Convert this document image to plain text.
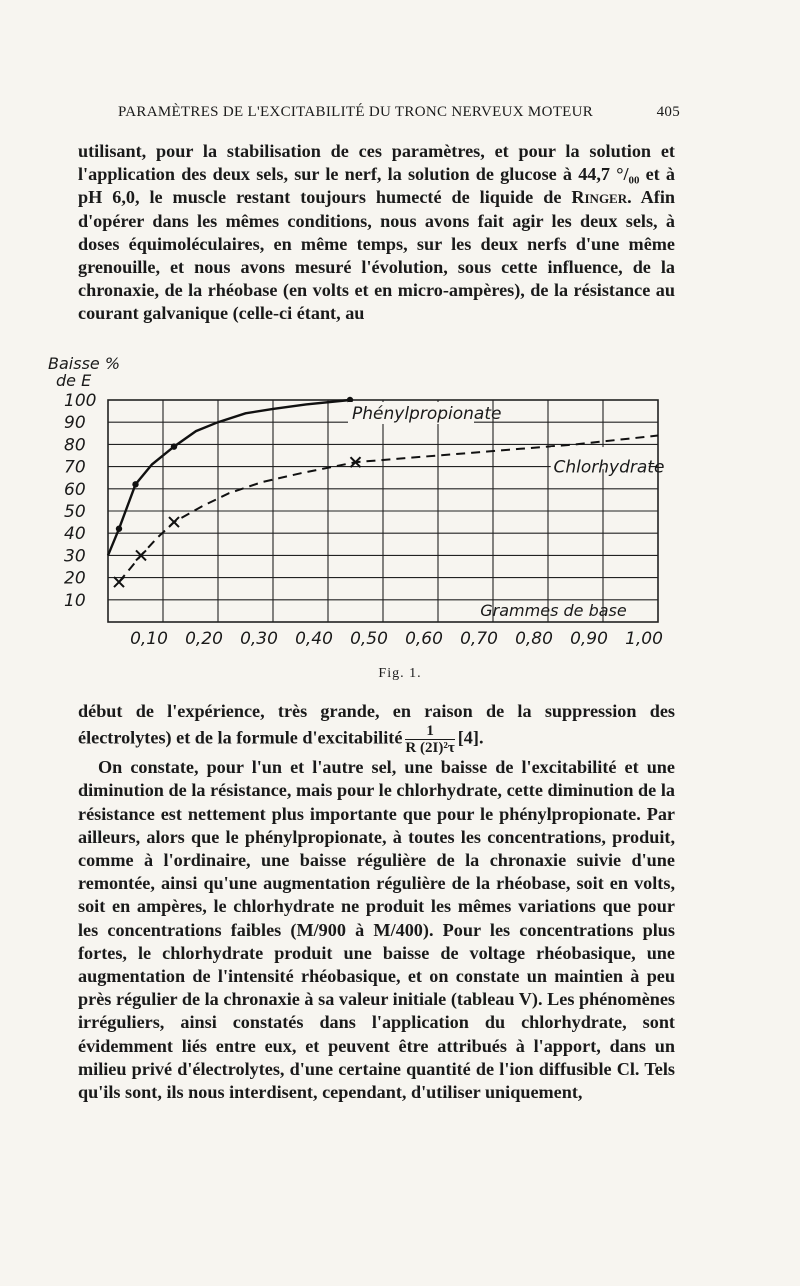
PARAMÈTRES DE L'EXCITABILITÉ DU TRONC NERVEUX MOTEUR	405

utilisant, pour la stabilisation de ces paramètres, et pour la solution et l'application des deux sels, sur le nerf, la solution de glucose à 44,7 °/₀₀ et à pH 6,0, le muscle restant toujours humecté de liquide de Ringer. Afin d'opérer dans les mêmes conditions, nous avons fait agir les deux sels, à doses équimoléculaires, en même temps, sur les deux nerfs d'une même grenouille, et nous avons mesuré l'évolution, sous cette influence, de la chronaxie, de la rhéobase (en volts et en micro-ampères), de la résistance au courant galvanique (celle-ci étant, au

10
20
30
40
50
60
70
80
90
100
0,10 0,20 0,30 0,40 0,50 0,60 0,70 0,80 0,90 1,00
Baisse %
de E
Grammes de base
Phénylpropionate
Chlorhydrate
Fig. 1.

début de l'expérience, très grande, en raison de la suppression des électrolytes) et de la formule d'excitabilité $\frac{1}{\text{R (2I)²τ}} [4]$.

On constate, pour l'un et l'autre sel, une baisse de l'excitabilité et une diminution de la résistance, mais pour le chlorhydrate, cette diminution de la résistance est nettement plus importante que pour le phénylpropionate. Par ailleurs, alors que le phénylpropionate, à toutes les concentrations, produit, comme à l'ordinaire, une baisse régulière de la chronaxie suivie d'une remontée, ainsi qu'une augmentation régulière de la rhéobase, soit en volts, soit en ampères, le chlorhydrate ne produit les mêmes variations que pour les concentrations faibles (M/900 à M/400). Pour les concentrations plus fortes, le chlorhydrate produit une baisse de voltage rhéobasique, une augmentation de l'intensité rhéobasique, et on constate un maintien à peu près régulier de la chronaxie à sa valeur initiale (tableau V). Les phénomènes irréguliers, ainsi constatés dans l'application du chlorhydrate, sont évidemment liés entre eux, et peuvent être attribués à l'apport, dans un milieu privé d'électrolytes, d'une certaine quantité de l'ion diffusible Cl. Tels qu'ils sont, ils nous interdisent, cependant, d'utiliser uniquement,
